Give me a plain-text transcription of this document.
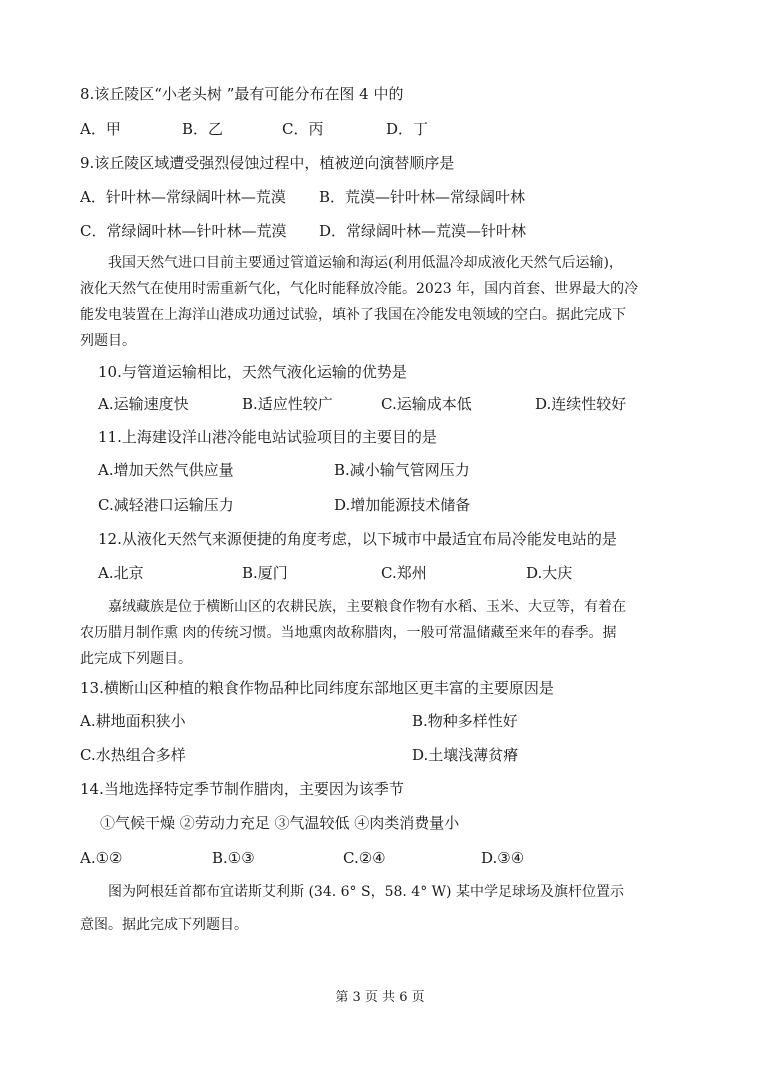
8.该丘陵区“小老头树 ”最有可能分布在图 4 中的
A．甲	B．乙	C．丙	D．丁
9.该丘陵区域遭受强烈侵蚀过程中，植被逆向演替顺序是
A．针叶林—常绿阔叶林—荒漠 B．荒漠—针叶林—常绿阔叶林
C．常绿阔叶林—针叶林—荒漠 D．常绿阔叶林—荒漠—针叶林
我国天然气进口目前主要通过管道运输和海运(利用低温冷却成液化天然气后运输)，
液化天然气在使用时需重新气化，气化时能释放冷能。2023 年，国内首套、世界最大的冷
能发电装置在上海洋山港成功通过试验，填补了我国在冷能发电领域的空白。据此完成下
列题目。
10.与管道运输相比，天然气液化运输的优势是
A.运输速度快	B.适应性较广	C.运输成本低	D.连续性较好
11.上海建设洋山港冷能电站试验项目的主要目的是
A.增加天然气供应量	B.减小输气管网压力
C.减轻港口运输压力	D.增加能源技术储备
12.从液化天然气来源便捷的角度考虑，以下城市中最适宜布局冷能发电站的是
A.北京	B.厦门	C.郑州	D.大庆
嘉绒藏族是位于横断山区的农耕民族，主要粮食作物有水稻、玉米、大豆等，有着在
农历腊月制作熏 肉的传统习惯。当地熏肉故称腊肉，一般可常温储藏至来年的春季。据
此完成下列题目。
13.横断山区种植的粮食作物品种比同纬度东部地区更丰富的主要原因是
A.耕地面积狭小	B.物种多样性好
C.水热组合多样	D.土壤浅薄贫瘠
14.当地选择特定季节制作腊肉，主要因为该季节
①气候干燥 ②劳动力充足 ③气温较低 ④肉类消费量小
A.①②	B.①③	C.②④	D.③④
图为阿根廷首都布宜诺斯艾利斯 (34. 6° S，58. 4° W) 某中学足球场及旗杆位置示
意图。据此完成下列题目。
第 3 页 共 6 页
